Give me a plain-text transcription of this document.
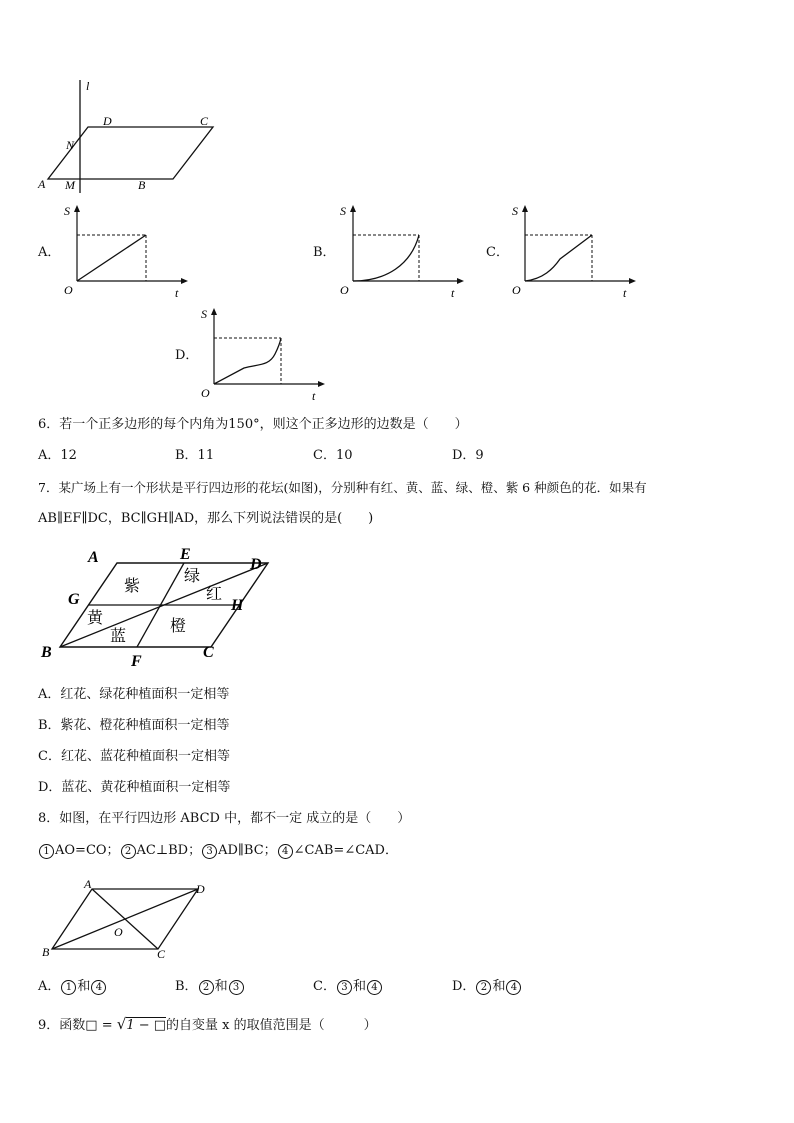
l
D	C
N
A M	B
A．
S
O	t
B．
S
O	t
C．
S
O	t
D．
S
O	t
6．若一个正多边形的每个内角为150°，则这个正多边形的边数是（　　）
A．12	B．11	C．10	D．9
7．某广场上有一个形状是平行四边形的花坛(如图)，分别种有红、黄、蓝、绿、橙、紫 6 种颜色的花．如果有
AB∥EF∥DC，BC∥GH∥AD，那么下列说法错误的是(　　)
A	E
D
G	H
B
F
C
紫
绿
红
黄
蓝
橙
A．红花、绿花种植面积一定相等
B．紫花、橙花种植面积一定相等
C．红花、蓝花种植面积一定相等
D．蓝花、黄花种植面积一定相等
8．如图，在平行四边形 ABCD 中，都不一定 成立的是（　　）
1 AO=CO； 2 AC⊥BD； 3 AD∥BC； 4 ∠CAB=∠CAD．
A	D
O
B	C
A． 1 和 4	B． 2 和 3	C． 3 和 4	D． 2 和 4
9．函数□ = √1 − □的自变量 x 的取值范围是（　　　）
